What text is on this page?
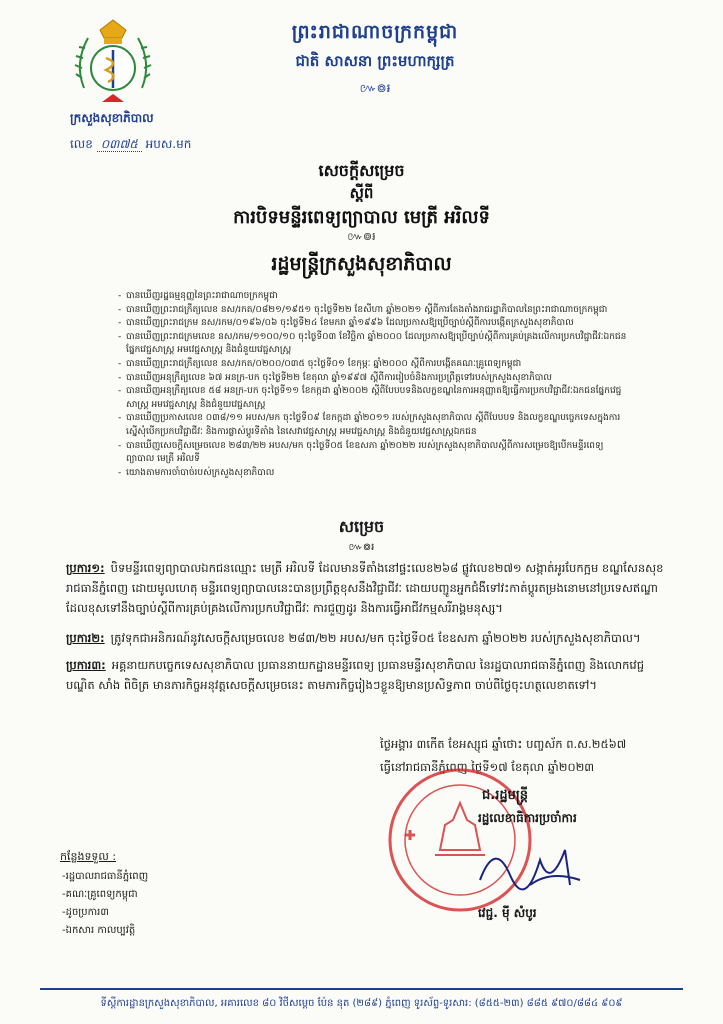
ក្រសួងសុខាភិបាល
លេខ ០៣៧៥ អបស.មក
ព្រះរាជាណាចក្រកម្ពុជា
ជាតិ សាសនា ព្រះមហាក្សត្រ
៚៙៛
សេចក្តីសម្រេច
ស្តីពី
ការបិទមន្ទីរពេទ្យព្យាបាល មេត្រី អរិលទី
៚៙៛
រដ្ឋមន្ត្រីក្រសួងសុខាភិបាល
- បានឃើញរដ្ឋធម្មនុញ្ញនៃព្រះរាជាណាចក្រកម្ពុជា
- បានឃើញព្រះរាជក្រឹត្យលេខ នស/រកត/០៨២១/១៩៥១ ចុះថ្ងៃទី២២ ខែសីហា ឆ្នាំ២០២១ ស្តីពីការតែងតាំងរាជរដ្ឋាភិបាលនៃព្រះរាជាណាចក្រកម្ពុជា
- បានឃើញព្រះរាជក្រម នស/រកម/០១៩៦/០៦ ចុះថ្ងៃទី២៤ ខែមករា ឆ្នាំ១៩៩៦ ដែលប្រកាសឱ្យប្រើច្បាប់ស្តីពីការបង្កើតក្រសួងសុខាភិបាល
- បានឃើញព្រះរាជក្រមលេខ នស/រកម/១១០០/១០ ចុះថ្ងៃទី០៣ ខែវិច្ឆិកា ឆ្នាំ២០០០ ដែលប្រកាសឱ្យប្រើច្បាប់ស្តីពីការគ្រប់គ្រងលើការប្រកបវិជ្ជាជីវៈឯកជនផ្នែកវេជ្ជសាស្ត្រ អមវេជ្ជសាស្ត្រ និងជំនួយវេជ្ជសាស្ត្រ
- បានឃើញព្រះរាជក្រឹត្យលេខ នស/រកត/០២០០/០៣៥ ចុះថ្ងៃទី០១ ខែកុម្ភៈ ឆ្នាំ២០០០ ស្តីពីការបង្កើតគណៈគ្រូពេទ្យកម្ពុជា
- បានឃើញអនុក្រឹត្យលេខ ៦៧ អនក្រ-បក ចុះថ្ងៃទី២២ ខែតុលា ឆ្នាំ១៩៩៧ ស្តីពីការរៀបចំនិងការប្រព្រឹត្តទៅរបស់ក្រសួងសុខាភិបាល
- បានឃើញអនុក្រឹត្យលេខ ៥៨ អនក្រ-បក ចុះថ្ងៃទី១១ ខែកក្កដា ឆ្នាំ២០០២ ស្តីពីបែបបទនិងលក្ខខណ្ឌនៃការអនុញ្ញាតឱ្យធ្វើការប្រកបវិជ្ជាជីវៈឯកជនផ្នែកវេជ្ជសាស្ត្រ អមវេជ្ជសាស្ត្រ និងជំនួយវេជ្ជសាស្ត្រ
- បានឃើញប្រកាសលេខ ០៣៨/១១ អបស/មក ចុះថ្ងៃទី០៩ ខែកក្កដា ឆ្នាំ២០១១ របស់ក្រសួងសុខាភិបាល ស្តីពីបែបបទ និងលក្ខខណ្ឌបច្ចេកទេសក្នុងការស្នើសុំបើកប្រកបវិជ្ជាជីវៈ និងការផ្លាស់ប្តូរទីតាំង នៃសេវាវេជ្ជសាស្ត្រ អមវេជ្ជសាស្ត្រ និងជំនួយវេជ្ជសាស្ត្រឯកជន
- បានឃើញសេចក្តីសម្រេចលេខ ២៨៣/២២ អបស/មក ចុះថ្ងៃទី០៥ ខែឧសភា ឆ្នាំ២០២២ របស់ក្រសួងសុខាភិបាលស្តីពីការសម្រេចឱ្យបើកមន្ទីរពេទ្យព្យាបាល មេត្រី អរិលទី
- យោងតាមការចាំបាច់របស់ក្រសួងសុខាភិបាល
សម្រេច
៚៙៛
ប្រការ១: បិទមន្ទីរពេទ្យព្យាបាលឯកជនឈ្មោះ មេត្រី អរិលទី ដែលមានទីតាំងនៅផ្ទះលេខ២៦៨ ផ្លូវលេខ២៧១ សង្កាត់អូរបែកក្អម ខណ្ឌសែនសុខ រាជធានីភ្នំពេញ ដោយមូលហេតុ មន្ទីរពេទ្យព្យាបាលនេះបានប្រព្រឹត្តខុសនឹងវិជ្ជាជីវៈ ដោយបញ្ជូនអ្នកជំងឺទៅវះកាត់ប្តូរតម្រងនោមនៅប្រទេសឥណ្ឌា ដែលខុសទៅនឹងច្បាប់ស្តីពីការគ្រប់គ្រងលើការប្រកបវិជ្ជាជីវៈ ការជួញដូរ និងការធ្វើអាជីវកម្មសរីរាង្គមនុស្ស។
ប្រការ២: ត្រូវទុកជាអនិករណ៍នូវសេចក្តីសម្រេចលេខ ២៨៣/២២ អបស/មក ចុះថ្ងៃទី០៥ ខែឧសភា ឆ្នាំ២០២២ របស់ក្រសួងសុខាភិបាល។
ប្រការ៣: អគ្គនាយកបច្ចេកទេសសុខាភិបាល ប្រធាននាយកដ្ឋានមន្ទីរពេទ្យ ប្រធានមន្ទីរសុខាភិបាល នៃរដ្ឋបាលរាជធានីភ្នំពេញ និងលោកវេជ្ជបណ្ឌិត សាំង ពិចិត្រ មានភារកិច្ចអនុវត្តសេចក្តីសម្រេចនេះ តាមភារកិច្ចរៀងៗខ្លួនឱ្យមានប្រសិទ្ធភាព ចាប់ពីថ្ងៃចុះហត្ថលេខាតទៅ។
ថ្ងៃអង្គារ ៣កើត ខែអស្សុជ ឆ្នាំថោះ បញ្ចស័ក ព.ស.២៥៦៧
ធ្វើនៅរាជធានីភ្នំពេញ ថ្ងៃទី១៧ ខែតុលា ឆ្នាំ២០២៣
ជ.រដ្ឋមន្ត្រី
រដ្ឋលេខាធិការប្រចាំការ
វេជ្ជ. ម៉ី សំបូរ
កន្លែងទទួល :
-រដ្ឋបាលរាជធានីភ្នំពេញ
-គណៈគ្រូពេទ្យកម្ពុជា
-ដូចប្រការ៣
-ឯកសារ កាលប្បវត្តិ
ទីស្តីការដ្ឋានក្រសួងសុខាភិបាល, អគារលេខ ៨០ វិថីសម្តេច ប៉ែន នុត (២៨៩) ភ្នំពេញ ទូរស័ព្ទ-ទូរសារ: (៨៥៥-២៣) ៨៨៥ ៩៧០/៨៨៤ ៩០៩
